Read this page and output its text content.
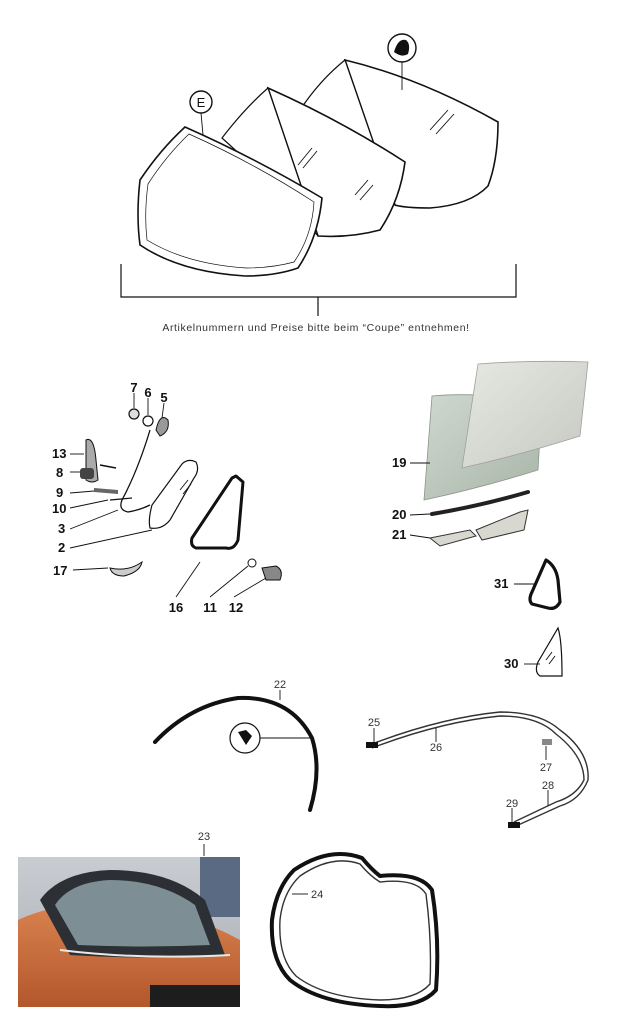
E
Artikelnummern und Preise bitte beim “Coupe” entnehmen!
7 6 5
13
8
9
10
3
2
17
16 11 12
19
20
21
31
30
22
25
26
27
28
29
23
24
